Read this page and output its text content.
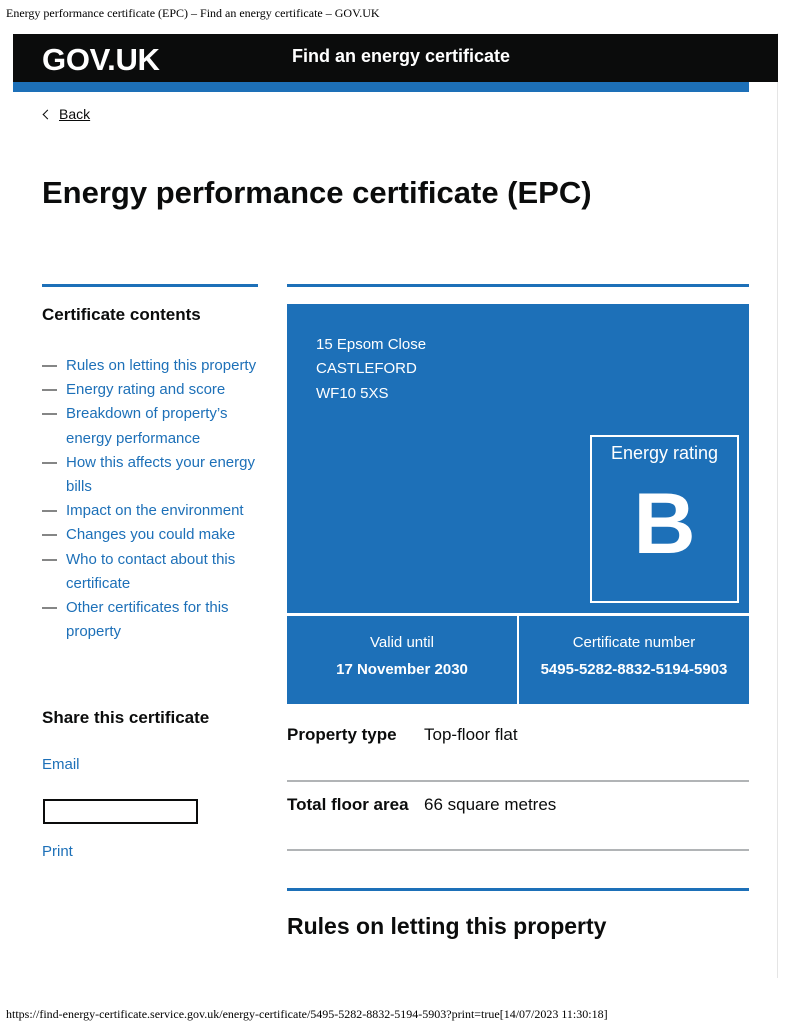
Energy performance certificate (EPC) – Find an energy certificate – GOV.UK
GOV.UK	Find an energy certificate
Back
Energy performance certificate (EPC)
Certificate contents
— Rules on letting this property
— Energy rating and score
— Breakdown of property’s energy performance
— How this affects your energy bills
— Impact on the environment
— Changes you could make
— Who to contact about this certificate
— Other certificates for this property
Share this certificate
Email
Print
15 Epsom Close
CASTLEFORD
WF10 5XS
Energy rating
B
Valid until
17 November 2030
Certificate number
5495-5282-8832-5194-5903
Property type	Top-floor flat
Total floor area 66 square metres
Rules on letting this property
https://find-energy-certificate.service.gov.uk/energy-certificate/5495-5282-8832-5194-5903?print=true[14/07/2023 11:30:18]
